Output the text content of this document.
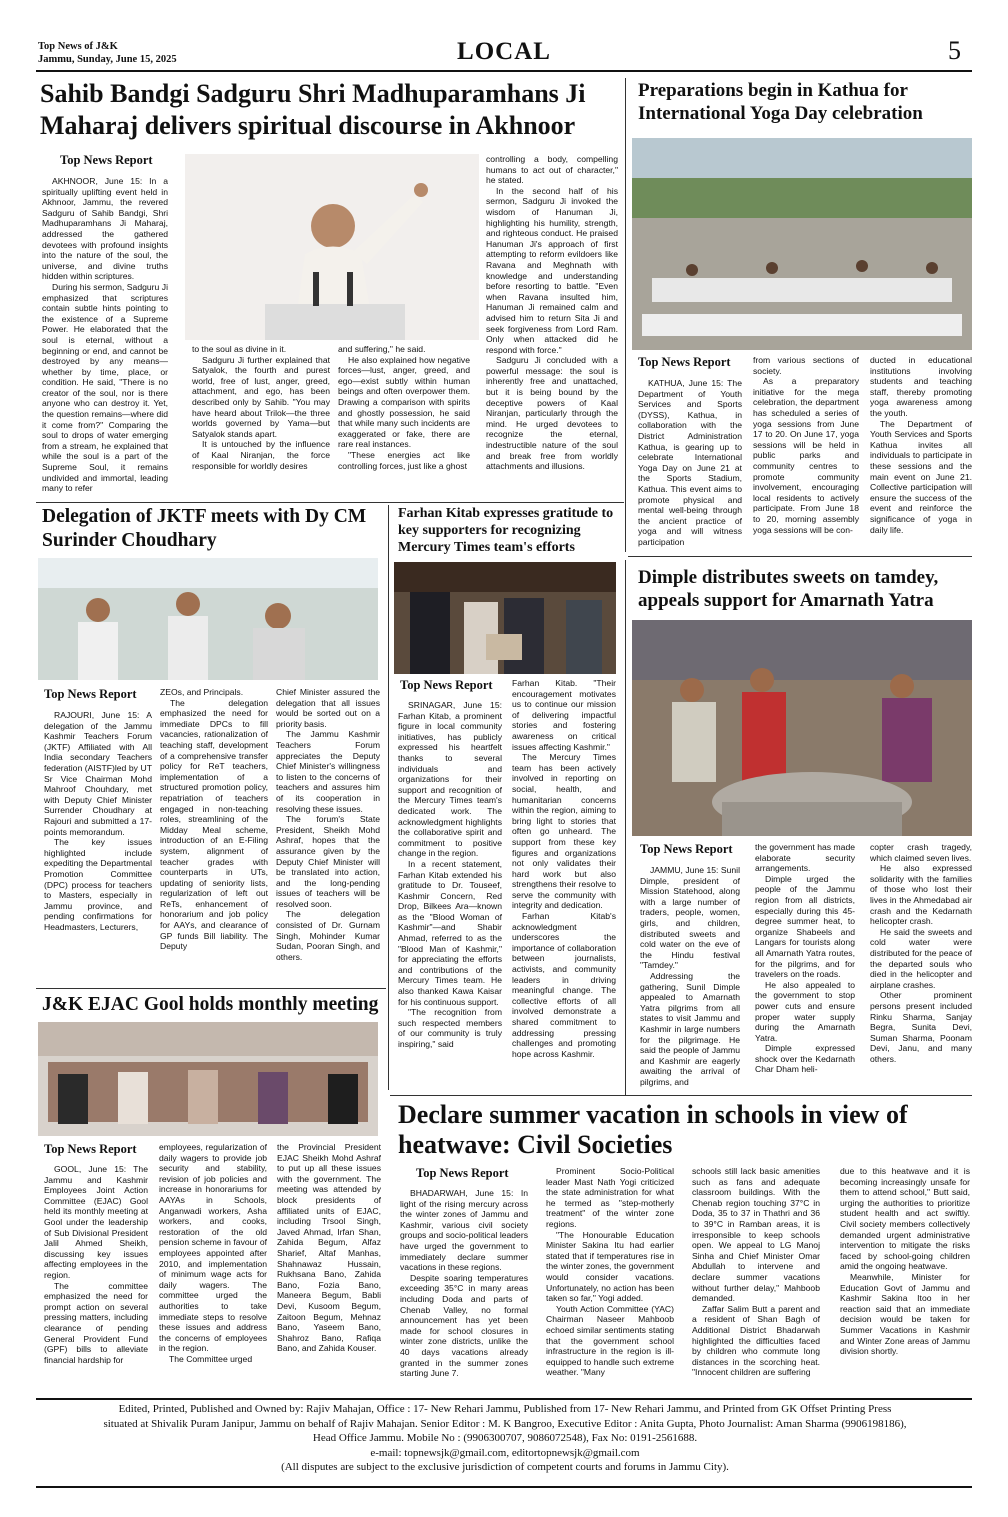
Top News of J&K
Jammu, Sunday, June 15, 2025	LOCAL	5
Sahib Bandgi Sadguru Shri Madhuparamhans Ji Maharaj delivers spiritual discourse in Akhnoor
Top News Report

AKHNOOR, June 15: In a spiritually uplifting event held in Akhnoor, Jammu, the revered Sadguru of Sahib Bandgi, Shri Madhuparamhans Ji Maharaj, addressed the gathered devotees with profound insights into the nature of the soul, the universe, and divine truths hidden within scriptures.

During his sermon, Sadguru Ji emphasized that scriptures contain subtle hints pointing to the existence of a Supreme Power. He elaborated that the soul is eternal, without a beginning or end, and cannot be destroyed by any means—whether by time, place, or condition. He said, "There is no creator of the soul, nor is there anyone who can destroy it. Yet, the question remains—where did it come from?" Comparing the soul to drops of water emerging from a stream, he explained that while the soul is a part of the Supreme Soul, it remains undivided and immortal, leading many to refer

to the soul as divine in it.

Sadguru Ji further explained that Satyalok, the fourth and purest world, free of lust, anger, greed, attachment, and ego, has been described only by Sahib. "You may have heard about Trilok—the three worlds governed by Yama—but Satyalok stands apart.

It is untouched by the influence of Kaal Niranjan, the force responsible for worldly desires

and suffering," he said.

He also explained how negative forces—lust, anger, greed, and ego—exist subtly within human beings and often overpower them. Drawing a comparison with spirits and ghostly possession, he said that while many such incidents are exaggerated or fake, there are rare real instances.

"These energies act like controlling forces, just like a ghost

controlling a body, compelling humans to act out of character," he stated.

In the second half of his sermon, Sadguru Ji invoked the wisdom of Hanuman Ji, highlighting his humility, strength, and righteous conduct. He praised Hanuman Ji's approach of first attempting to reform evildoers like Ravana and Meghnath with knowledge and understanding before resorting to battle. "Even when Ravana insulted him, Hanuman Ji remained calm and advised him to return Sita Ji and seek forgiveness from Lord Ram. Only when attacked did he respond with force."

Sadguru Ji concluded with a powerful message: the soul is inherently free and unattached, but it is being bound by the deceptive powers of Kaal Niranjan, particularly through the mind. He urged devotees to recognize the eternal, indestructible nature of the soul and break free from worldly attachments and illusions.

Preparations begin in Kathua for International Yoga Day celebration
Top News Report

KATHUA, June 15: The Department of Youth Services and Sports (DYSS), Kathua, in collaboration with the District Administration Kathua, is gearing up to celebrate International Yoga Day on June 21 at the Sports Stadium, Kathua. This event aims to promote physical and mental well-being through the ancient practice of yoga and will witness participation

from various sections of society.

As a preparatory initiative for the mega celebration, the department has scheduled a series of yoga sessions from June 17 to 20. On June 17, yoga sessions will be held in public parks and community centres to promote community involvement, encouraging local residents to actively participate. From June 18 to 20, morning assembly yoga sessions will be con-

ducted in educational institutions involving students and teaching staff, thereby promoting yoga awareness among the youth.

The Department of Youth Services and Sports Kathua invites all individuals to participate in these sessions and the main event on June 21. Collective participation will ensure the success of the event and reinforce the significance of yoga in daily life.

Delegation of JKTF meets with Dy CM Surinder Choudhary
Top News Report

RAJOURI, June 15: A delegation of the Jammu Kashmir Teachers Forum (JKTF) Affiliated with All India secondary Teachers federation (AISTF)led by UT Sr Vice Chairman Mohd Mahroof Chouhdary, met with Deputy Chief Minister Surrender Choudhary at Rajouri and submitted a 17-points memorandum.

The key issues highlighted include expediting the Departmental Promotion Committee (DPC) process for teachers to Masters, especially in Jammu province, and pending confirmations for Headmasters, Lecturers,

ZEOs, and Principals.

The delegation emphasized the need for immediate DPCs to fill vacancies, rationalization of teaching staff, development of a comprehensive transfer policy for ReT teachers, implementation of a structured promotion policy, repatriation of teachers engaged in non-teaching roles, streamlining of the Midday Meal scheme, introduction of an E-Filing system, alignment of teacher grades with counterparts in UTs, updating of seniority lists, regularization of left out ReTs, enhancement of honorarium and job policy for AAYs, and clearance of GP funds Bill liability. The Deputy

Chief Minister assured the delegation that all issues would be sorted out on a priority basis.

The Jammu Kashmir Teachers Forum appreciates the Deputy Chief Minister's willingness to listen to the concerns of teachers and assures him of its cooperation in resolving these issues.

The forum's State President, Sheikh Mohd Ashraf, hopes that the assurance given by the Deputy Chief Minister will be translated into action, and the long-pending issues of teachers will be resolved soon.

The delegation consisted of Dr. Gurnam Singh, Mohinder Kumar Sudan, Pooran Singh, and others.

Farhan Kitab expresses gratitude to key supporters for recognizing Mercury Times team's efforts
Top News Report

SRINAGAR, June 15: Farhan Kitab, a prominent figure in local community initiatives, has publicly expressed his heartfelt thanks to several individuals and organizations for their support and recognition of the Mercury Times team's dedicated work. The acknowledgment highlights the collaborative spirit and commitment to positive change in the region.

In a recent statement, Farhan Kitab extended his gratitude to Dr. Touseef, Kashmir Concern, Red Drop, Bilkees Ara—known as the "Blood Woman of Kashmir"—and Shabir Ahmad, referred to as the "Blood Man of Kashmir," for appreciating the efforts and contributions of the Mercury Times team. He also thanked Kawa Kaisar for his continuous support.

"The recognition from such respected members of our community is truly inspiring," said

Farhan Kitab. "Their encouragement motivates us to continue our mission of delivering impactful stories and fostering awareness on critical issues affecting Kashmir."

The Mercury Times team has been actively involved in reporting on social, health, and humanitarian concerns within the region, aiming to bring light to stories that often go unheard. The support from these key figures and organizations not only validates their hard work but also strengthens their resolve to serve the community with integrity and dedication.

Farhan Kitab's acknowledgment underscores the importance of collaboration between journalists, activists, and community leaders in driving meaningful change. The collective efforts of all involved demonstrate a shared commitment to addressing pressing challenges and promoting hope across Kashmir.

Dimple distributes sweets on tamdey, appeals support for Amarnath Yatra
Top News Report

JAMMU, June 15: Sunil Dimple, president of Mission Statehood, along with a large number of traders, people, women, girls, and children, distributed sweets and cold water on the eve of the Hindu festival "Tamdey."

Addressing the gathering, Sunil Dimple appealed to Amarnath Yatra pilgrims from all states to visit Jammu and Kashmir in large numbers for the pilgrimage. He said the people of Jammu and Kashmir are eagerly awaiting the arrival of pilgrims, and

the government has made elaborate security arrangements.

Dimple urged the people of the Jammu region from all districts, especially during this 45-degree summer heat, to organize Shabeels and Langars for tourists along all Amarnath Yatra routes, for the pilgrims, and for travelers on the roads.

He also appealed to the government to stop power cuts and ensure proper water supply during the Amarnath Yatra.

Dimple expressed shock over the Kedarnath Char Dham heli-

copter crash tragedy, which claimed seven lives.

He also expressed solidarity with the families of those who lost their lives in the Ahmedabad air crash and the Kedarnath helicopter crash.

He said the sweets and cold water were distributed for the peace of the departed souls who died in the helicopter and airplane crashes.

Other prominent persons present included Rinku Sharma, Sanjay Begra, Sunita Devi, Suman Sharma, Poonam Devi, Janu, and many others.

J&K EJAC Gool holds monthly meeting
Top News Report

GOOL, June 15: The Jammu and Kashmir Employees Joint Action Committee (EJAC) Gool held its monthly meeting at Gool under the leadership of Sub Divisional President Jalil Ahmed Sheikh, discussing key issues affecting employees in the region.

The committee emphasized the need for prompt action on several pressing matters, including clearance of pending General Provident Fund (GPF) bills to alleviate financial hardship for

employees, regularization of daily wagers to provide job security and stability, revision of job policies and increase in honorariums for AAYAs in Schools, Anganwadi workers, Asha workers, and cooks, restoration of the old pension scheme in favour of employees appointed after 2010, and implementation of minimum wage acts for daily wagers. The committee urged the authorities to take immediate steps to resolve these issues and address the concerns of employees in the region.

The Committee urged

the Provincial President EJAC Sheikh Mohd Ashraf to put up all these issues with the government. The meeting was attended by block presidents of affiliated units of EJAC, including Trsool Singh, Javed Ahmad, Irfan Shan, Zahida Begum, Alfaz Sharief, Altaf Manhas, Shahnawaz Hussain, Rukhsana Bano, Zahida Bano, Fozia Bano, Maneera Begum, Babli Devi, Kusoom Begum, Zaitoon Begum, Mehnaz Bano, Yaseem Bano, Shahroz Bano, Rafiqa Bano, and Zahida Kouser.

Declare summer vacation in schools in view of heatwave: Civil Societies
Top News Report

BHADARWAH, June 15: In light of the rising mercury across the winter zones of Jammu and Kashmir, various civil society groups and socio-political leaders have urged the government to immediately declare summer vacations in these regions.

Despite soaring temperatures exceeding 35°C in many areas including Doda and parts of Chenab Valley, no formal announcement has yet been made for school closures in winter zone districts, unlike the 40 days vacations already granted in the summer zones starting June 7.

Prominent Socio-Political leader Mast Nath Yogi criticized the state administration for what he termed as "step-motherly treatment" of the winter zone regions.

"The Honourable Education Minister Sakina Itu had earlier stated that if temperatures rise in the winter zones, the government would consider vacations. Unfortunately, no action has been taken so far," Yogi added.

Youth Action Committee (YAC) Chairman Naseer Mahboob echoed similar sentiments stating that the government school infrastructure in the region is ill-equipped to handle such extreme weather. "Many

schools still lack basic amenities such as fans and adequate classroom buildings. With the Chenab region touching 37°C in Doda, 35 to 37 in Thathri and 36 to 39°C in Ramban areas, it is irresponsible to keep schools open. We appeal to LG Manoj Sinha and Chief Minister Omar Abdullah to intervene and declare summer vacations without further delay," Mahboob demanded.

Zaffar Salim Butt a parent and a resident of Shan Bagh of Additional District Bhadarwah highlighted the difficulties faced by children who commute long distances in the scorching heat. "Innocent children are suffering

due to this heatwave and it is becoming increasingly unsafe for them to attend school," Butt said, urging the authorities to prioritize student health and act swiftly. Civil society members collectively demanded urgent administrative intervention to mitigate the risks faced by school-going children amid the ongoing heatwave.

Meanwhile, Minister for Education Govt of Jammu and Kashmir Sakina Itoo in her reaction said that an immediate decision would be taken for Summer Vacations in Kashmir and Winter Zone areas of Jammu division shortly.

Edited, Printed, Published and Owned by: Rajiv Mahajan, Office : 17- New Rehari Jammu, Published from 17- New Rehari Jammu, and Printed from GK Offset Printing Press
situated at Shivalik Puram Janipur, Jammu on behalf of Rajiv Mahajan. Senior Editor : M. K Bangroo, Executive Editor : Anita Gupta, Photo Journalist: Aman Sharma (9906198186),
Head Office Jammu. Mobile No : (9906300707, 9086072548), Fax No: 0191-2561688.
e-mail: topnewsjk@gmail.com, editortopnewsjk@gmail.com
(All disputes are subject to the exclusive jurisdiction of competent courts and forums in Jammu City).
